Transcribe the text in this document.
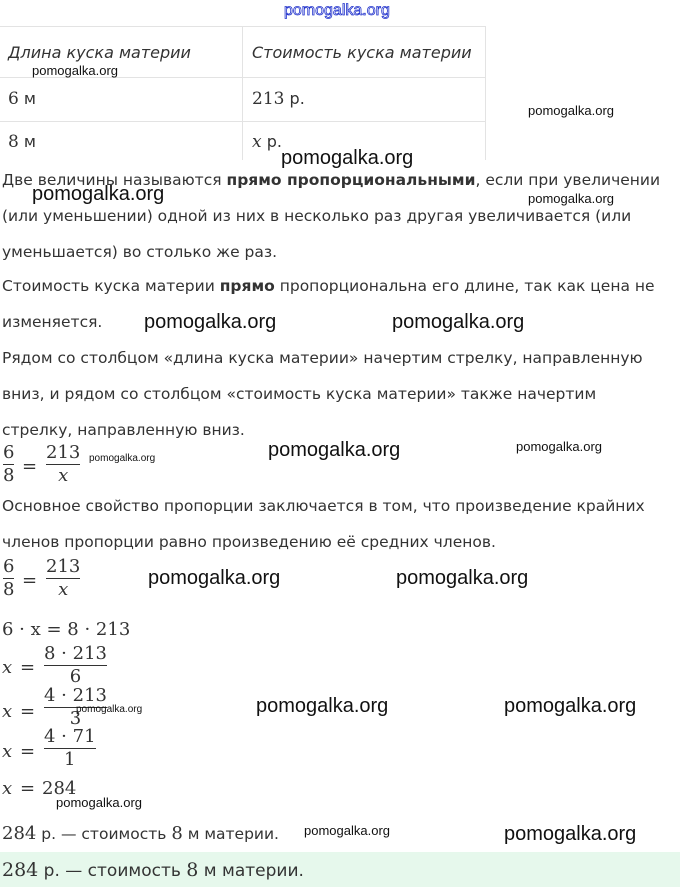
pomogalka.org
Длина куска материи	Стоимость куска материи
6 м	213 р.
8 м	x р.
Две величины называются прямо пропорциональными, если при увеличении
(или уменьшении) одной из них в несколько раз другая увеличивается (или
уменьшается) во столько же раз.
Стоимость куска материи прямо пропорциональна его длине, так как цена не
изменяется.
Рядом со столбцом «длина куска материи» начертим стрелку, направленную
вниз, и рядом со столбцом «стоимость куска материи» также начертим
стрелку, направленную вниз.
6
8 =
213
x
Основное свойство пропорции заключается в том, что произведение крайних
членов пропорции равно произведению её средних членов.
6
8 =
213
x
6 · x = 8 · 213
x =
8 · 213
6
x =
4 · 213
3
x =
4 · 71
1
x = 284
284 р. — стоимость 8 м материи.
284 р. — стоимость 8 м материи.
pomogalka.org
pomogalka.org
pomogalka.org
pomogalka.org	pomogalka.org
pomogalka.org	pomogalka.org
pomogalka.org	pomogalka.org
pomogalka.org
pomogalka.org	pomogalka.org
pomogalka.org	pomogalka.org
pomogalka.org
pomogalka.org
pomogalka.org	pomogalka.org
